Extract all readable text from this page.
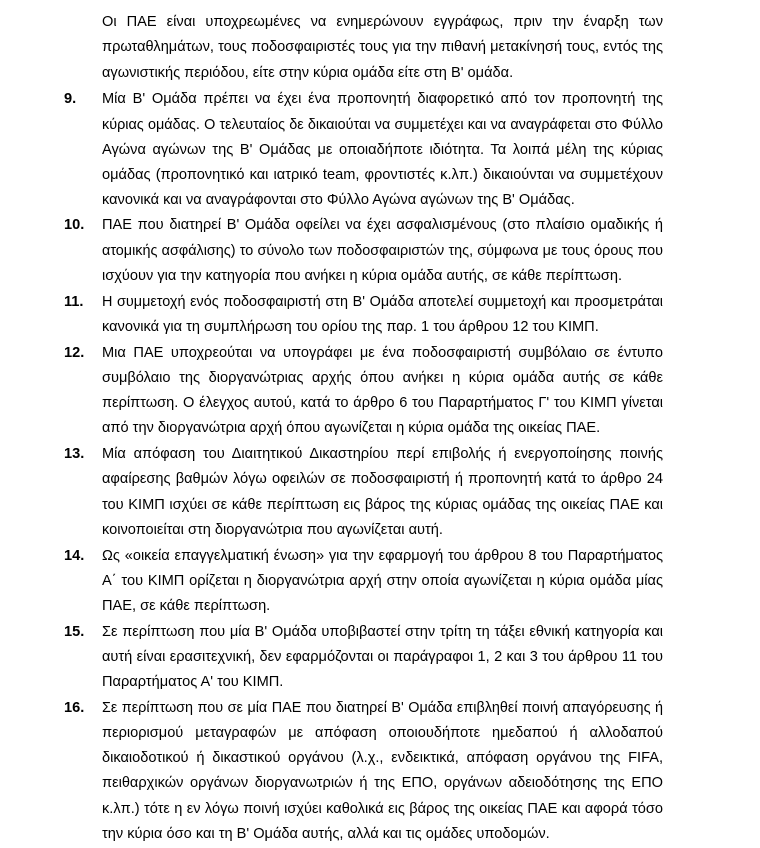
Οι ΠΑΕ είναι υποχρεωμένες να ενημερώνουν εγγράφως, πριν την έναρξη των
πρωταθλημάτων, τους ποδοσφαιριστές τους για την πιθανή μετακίνησή τους, εντός της
αγωνιστικής περιόδου, είτε στην κύρια ομάδα είτε στη Β' ομάδα.
9. Μία Β' Ομάδα πρέπει να έχει ένα προπονητή διαφορετικό από τον προπονητή της
κύριας ομάδας. Ο τελευταίος δε δικαιούται να συμμετέχει και να αναγράφεται στο Φύλλο
Αγώνα αγώνων της Β' Ομάδας με οποιαδήποτε ιδιότητα. Τα λοιπά μέλη της κύριας
ομάδας (προπονητικό και ιατρικό team, φροντιστές κ.λπ.) δικαιούνται να συμμετέχουν
κανονικά και να αναγράφονται στο Φύλλο Αγώνα αγώνων της Β' Ομάδας.
10. ΠΑΕ που διατηρεί Β' Ομάδα οφείλει να έχει ασφαλισμένους (στο πλαίσιο ομαδικής ή
ατομικής ασφάλισης) το σύνολο των ποδοσφαιριστών της, σύμφωνα με τους όρους που
ισχύουν για την κατηγορία που ανήκει η κύρια ομάδα αυτής, σε κάθε περίπτωση.
11. Η συμμετοχή ενός ποδοσφαιριστή στη Β' Ομάδα αποτελεί συμμετοχή και προσμετράται
κανονικά για τη συμπλήρωση του ορίου της παρ. 1 του άρθρου 12 του ΚΙΜΠ.
12. Μια ΠΑΕ υποχρεούται να υπογράφει με ένα ποδοσφαιριστή συμβόλαιο σε έντυπο
συμβόλαιο της διοργανώτριας αρχής όπου ανήκει η κύρια ομάδα αυτής σε κάθε
περίπτωση. Ο έλεγχος αυτού, κατά το άρθρο 6 του Παραρτήματος Γ' του ΚΙΜΠ γίνεται
από την διοργανώτρια αρχή όπου αγωνίζεται η κύρια ομάδα της οικείας ΠΑΕ.
13. Μία απόφαση του Διαιτητικού Δικαστηρίου περί επιβολής ή ενεργοποίησης ποινής
αφαίρεσης βαθμών λόγω οφειλών σε ποδοσφαιριστή ή προπονητή κατά το άρθρο 24
του ΚΙΜΠ ισχύει σε κάθε περίπτωση εις βάρος της κύριας ομάδας της οικείας ΠΑΕ και
κοινοποιείται στη διοργανώτρια που αγωνίζεται αυτή.
14. Ως «οικεία επαγγελματική ένωση» για την εφαρμογή του άρθρου 8 του Παραρτήματος
Α΄ του ΚΙΜΠ ορίζεται η διοργανώτρια αρχή στην οποία αγωνίζεται η κύρια ομάδα μίας
ΠΑΕ, σε κάθε περίπτωση.
15. Σε περίπτωση που μία Β' Ομάδα υποβιβαστεί στην τρίτη τη τάξει εθνική κατηγορία και
αυτή είναι ερασιτεχνική, δεν εφαρμόζονται οι παράγραφοι 1, 2 και 3 του άρθρου 11 του
Παραρτήματος Α' του ΚΙΜΠ.
16. Σε περίπτωση που σε μία ΠΑΕ που διατηρεί Β' Ομάδα επιβληθεί ποινή απαγόρευσης ή
περιορισμού μεταγραφών με απόφαση οποιουδήποτε ημεδαπού ή αλλοδαπού
δικαιοδοτικού ή δικαστικού οργάνου (λ.χ., ενδεικτικά, απόφαση οργάνου της FIFA,
πειθαρχικών οργάνων διοργανωτριών ή της ΕΠΟ, οργάνων αδειοδότησης της ΕΠΟ
κ.λπ.) τότε η εν λόγω ποινή ισχύει καθολικά εις βάρος της οικείας ΠΑΕ και αφορά τόσο
την κύρια όσο και τη Β' Ομάδα αυτής, αλλά και τις ομάδες υποδομών.
